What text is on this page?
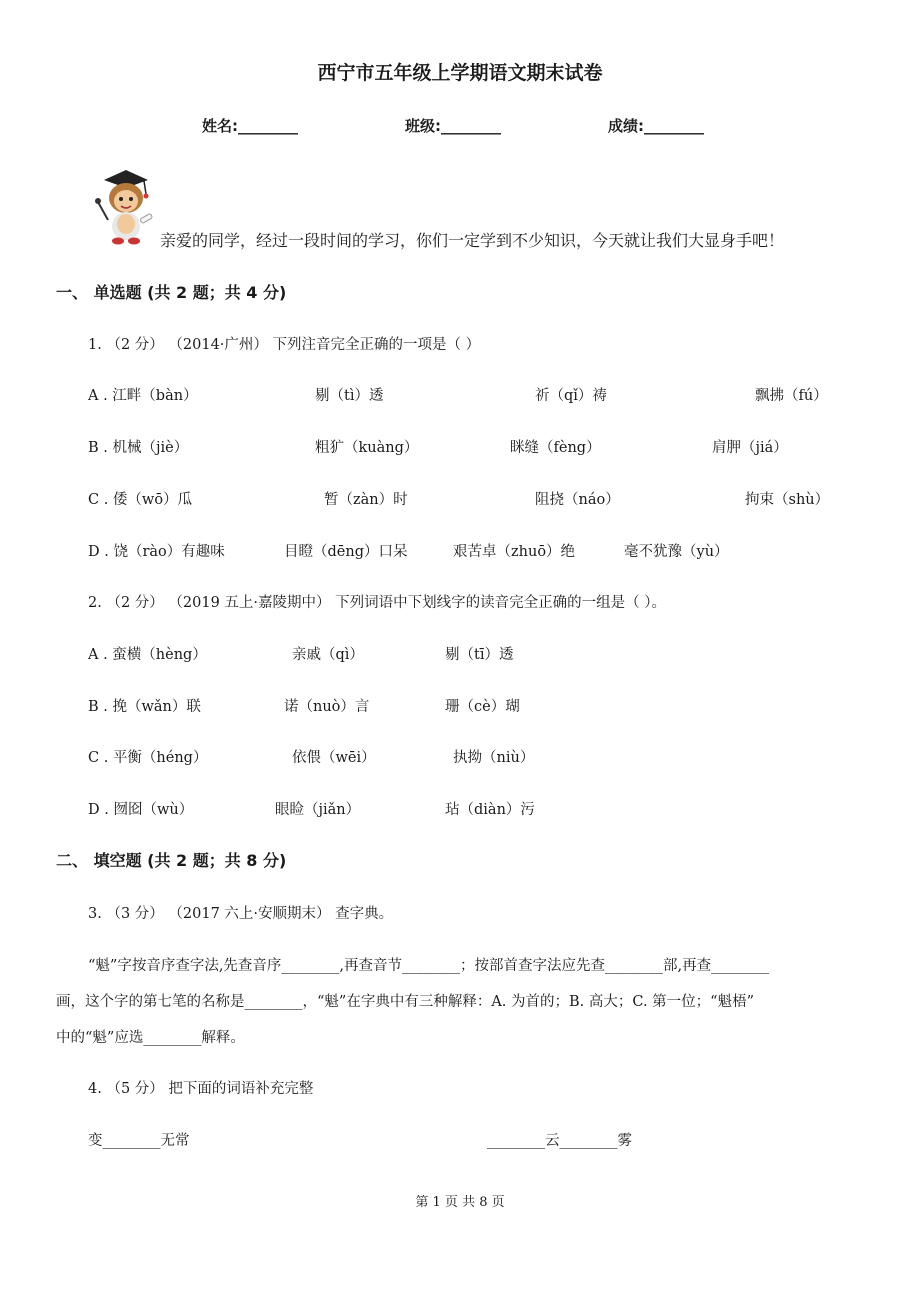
西宁市五年级上学期语文期末试卷
姓名:________	班级:________	成绩:________
亲爱的同学，经过一段时间的学习，你们一定学到不少知识，今天就让我们大显身手吧！
一、 单选题 (共 2 题；共 4 分)
1. （2 分） （2014·广州） 下列注音完全正确的一项是（ ）
A . 江畔（bàn）	剔（tì）透	祈（qǐ）祷	飘拂（fú）
B . 机械（jiè）	粗犷（kuàng）	眯缝（fèng）	肩胛（jiá）
C . 倭（wō）瓜	暂（zàn）时	阻挠（náo）	拘束（shù）
D . 饶（rào）有趣味	目瞪（dēng）口呆	艰苦卓（zhuō）绝	毫不犹豫（yù）
2. （2 分） （2019 五上·嘉陵期中） 下列词语中下划线字的读音完全正确的一组是（ ）。
A . 蛮横（hèng）	亲戚（qì）	剔（tī）透
B . 挽（wǎn）联	诺（nuò）言	珊（cè）瑚
C . 平衡（héng）	依偎（wēi）	执拗（niù）
D . 囫囵（wù）	眼睑（jiǎn）	玷（diàn）污
二、 填空题 (共 2 题；共 8 分)
3. （3 分） （2017 六上·安顺期末） 查字典。
“魁”字按音序查字法,先查音序________,再查音节________；按部首查字法应先查________部,再查________
画，这个字的第七笔的名称是________，“魁”在字典中有三种解释：A. 为首的；B. 高大；C. 第一位；“魁梧”
中的“魁”应选________解释。
4. （5 分） 把下面的词语补充完整
变________无常	________云________雾
第 1 页 共 8 页
